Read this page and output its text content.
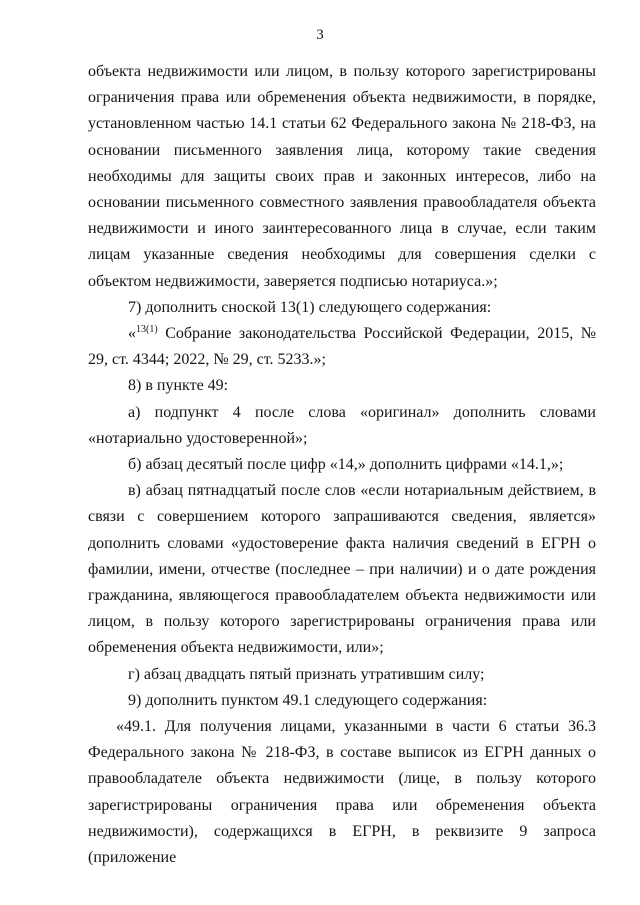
3

объекта недвижимости или лицом, в пользу которого зарегистрированы ограничения права или обременения объекта недвижимости, в порядке, установленном частью 14.1 статьи 62 Федерального закона № 218-ФЗ, на основании письменного заявления лица, которому такие сведения необходимы для защиты своих прав и законных интересов, либо на основании письменного совместного заявления правообладателя объекта недвижимости и иного заинтересованного лица в случае, если таким лицам указанные сведения необходимы для совершения сделки с объектом недвижимости, заверяется подписью нотариуса.»;

7) дополнить сноской 13(1) следующего содержания:

«$^{13(1)}$ Собрание законодательства Российской Федерации, 2015, № 29, ст. 4344; 2022, № 29, ст. 5233.»;

8) в пункте 49:

а) подпункт 4 после слова «оригинал» дополнить словами «нотариально удостоверенной»;

б) абзац десятый после цифр «14,» дополнить цифрами «14.1,»;

в) абзац пятнадцатый после слов «если нотариальным действием, в связи с совершением которого запрашиваются сведения, является» дополнить словами «удостоверение факта наличия сведений в ЕГРН о фамилии, имени, отчестве (последнее – при наличии) и о дате рождения гражданина, являющегося правообладателем объекта недвижимости или лицом, в пользу которого зарегистрированы ограничения права или обременения объекта недвижимости, или»;

г) абзац двадцать пятый признать утратившим силу;

9) дополнить пунктом 49.1 следующего содержания:

«49.1. Для получения лицами, указанными в части 6 статьи 36.3 Федерального закона № 218-ФЗ, в составе выписок из ЕГРН данных о правообладателе объекта недвижимости (лице, в пользу которого зарегистрированы ограничения права или обременения объекта недвижимости), содержащихся в ЕГРН, в реквизите 9 запроса (приложение
